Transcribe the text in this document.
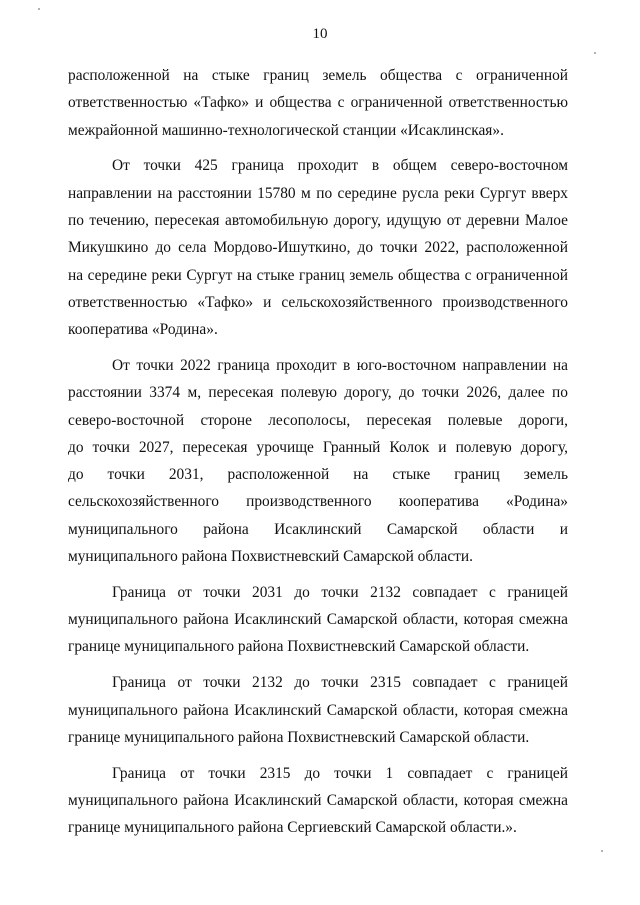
10
расположенной на стыке границ земель общества с ограниченной
ответственностью «Тафко» и общества с ограниченной ответственностью
межрайонной машинно-технологической станции «Исаклинская».
От точки 425 граница проходит в общем северо-восточном
направлении на расстоянии 15780 м по середине русла реки Сургут вверх
по течению, пересекая автомобильную дорогу, идущую от деревни Малое
Микушкино до села Мордово-Ишуткино, до точки 2022, расположенной
на середине реки Сургут на стыке границ земель общества с ограниченной
ответственностью «Тафко» и сельскохозяйственного производственного
кооператива «Родина».
От точки 2022 граница проходит в юго-восточном направлении на
расстоянии 3374 м, пересекая полевую дорогу, до точки 2026, далее по
северо-восточной стороне лесополосы, пересекая полевые дороги,
до точки 2027, пересекая урочище Гранный Колок и полевую дорогу,
до точки 2031, расположенной на стыке границ земель
сельскохозяйственного производственного кооператива «Родина»
муниципального района Исаклинский Самарской области и
муниципального района Похвистневский Самарской области.
Граница от точки 2031 до точки 2132 совпадает с границей
муниципального района Исаклинский Самарской области, которая смежна
границе муниципального района Похвистневский Самарской области.
Граница от точки 2132 до точки 2315 совпадает с границей
муниципального района Исаклинский Самарской области, которая смежна
границе муниципального района Похвистневский Самарской области.
Граница от точки 2315 до точки 1 совпадает с границей
муниципального района Исаклинский Самарской области, которая смежна
границе муниципального района Сергиевский Самарской области.».
